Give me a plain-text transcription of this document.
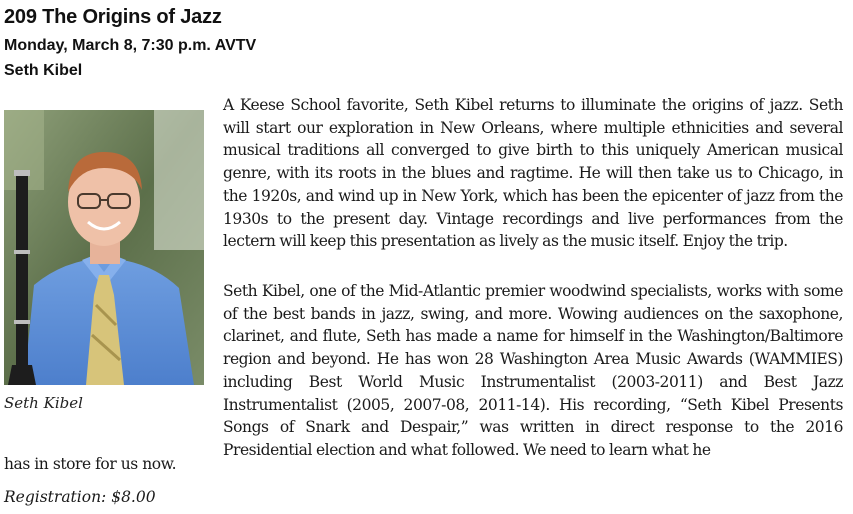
209 The Origins of Jazz
Monday, March 8, 7:30 p.m. AVTV
Seth Kibel
Seth Kibel

A Keese School favorite, Seth Kibel returns to illuminate the origins of jazz. Seth will start our exploration in New Orleans, where multiple ethnicities and several musical traditions all converged to give birth to this uniquely American musical genre, with its roots in the blues and ragtime. He will then take us to Chicago, in the 1920s, and wind up in New York, which has been the epicenter of jazz from the 1930s to the present day. Vintage recordings and live performances from the lectern will keep this presentation as lively as the music itself. Enjoy the trip.

Seth Kibel, one of the Mid-Atlantic premier woodwind specialists, works with some of the best bands in jazz, swing, and more. Wowing audiences on the saxophone, clarinet, and flute, Seth has made a name for himself in the Washington/Baltimore region and beyond. He has won 28 Washington Area Music Awards (WAMMIES) including Best World Music Instrumentalist (2003-2011) and Best Jazz Instrumentalist (2005, 2007-08, 2011-14). His recording, “Seth Kibel Presents Songs of Snark and Despair,” was written in direct response to the 2016 Presidential election and what followed. We need to learn what he

has in store for us now.
Registration: $8.00
